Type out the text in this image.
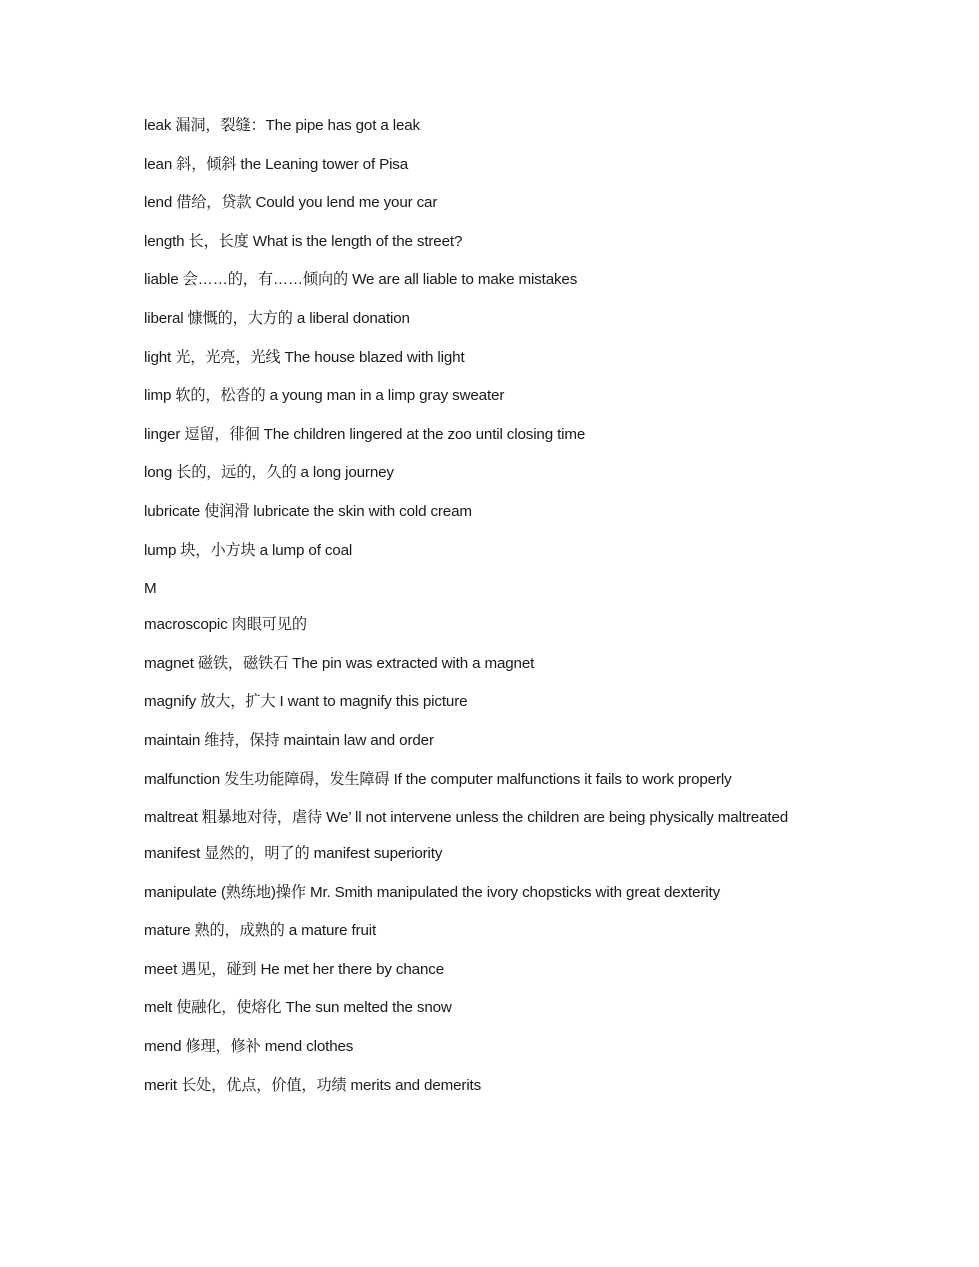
leak 漏洞，裂缝：The pipe has got a leak
lean 斜，倾斜 the Leaning tower of Pisa
lend 借给，贷款 Could you lend me your car
length 长，长度 What is the length of the street?
liable 会……的，有……倾向的 We are all liable to make mistakes
liberal 慷慨的，大方的 a liberal donation
light 光，光亮，光线 The house blazed with light
limp 软的，松沓的 a young man in a limp gray sweater
linger 逗留，徘徊 The children lingered at the zoo until closing time
long 长的，远的，久的 a long journey
lubricate 使润滑 lubricate the skin with cold cream
lump 块，小方块 a lump of coal
M
macroscopic 肉眼可见的
magnet 磁铁，磁铁石 The pin was extracted with a magnet
magnify 放大，扩大 I want to magnify this picture
maintain 维持，保持 maintain law and order
malfunction 发生功能障碍，发生障碍 If the computer malfunctions it fails to work properly
maltreat 粗暴地对待，虐待 We’ ll not intervene unless the children are being physically maltreated
manifest 显然的，明了的 manifest superiority
manipulate (熟练地)操作 Mr. Smith manipulated the ivory chopsticks with great dexterity
mature 熟的，成熟的 a mature fruit
meet 遇见，碰到 He met her there by chance
melt 使融化，使熔化 The sun melted the snow
mend 修理，修补 mend clothes
merit 长处，优点，价值，功绩 merits and demerits
